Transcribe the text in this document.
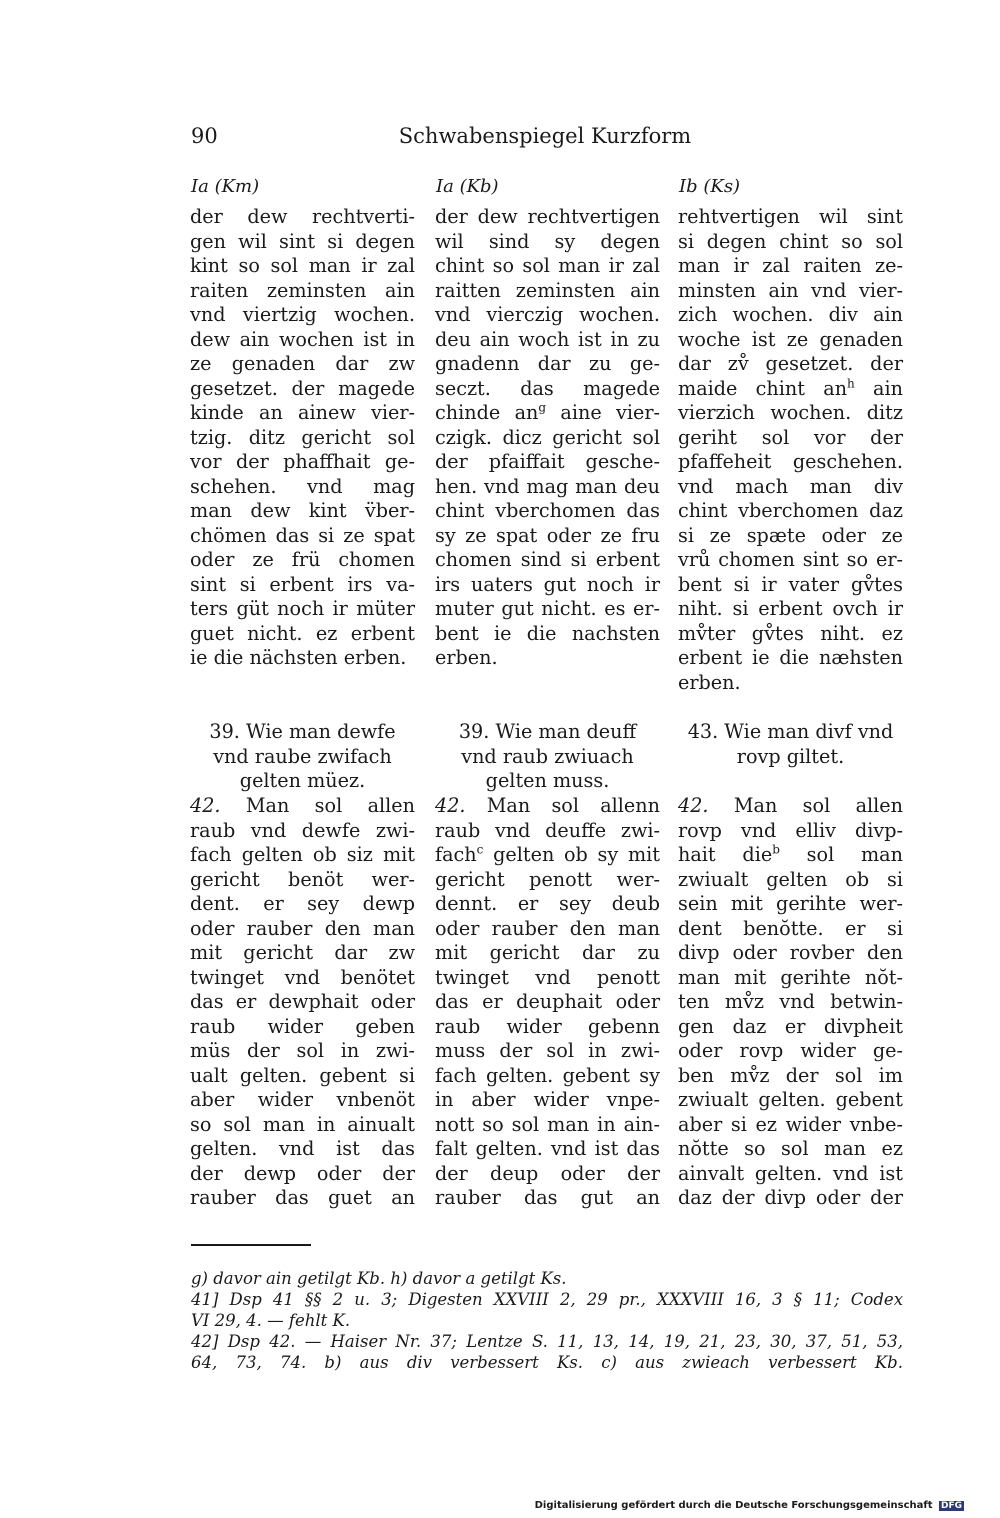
90	Schwabenspiegel Kurzform
Ia (Km)	Ia (Kb)	Ib (Ks)
der dew rechtverti-
gen wil sint si degen
kint so sol man ir zal
raiten zeminsten ain
vnd viertzig wochen.
dew ain wochen ist in
ze genaden dar zw
gesetzet. der magede
kinde an ainew vier-
tzig. ditz gericht sol
vor der phaffhait ge-
schehen. vnd mag
man dew kint v̈ber-
chömen das si ze spat
oder ze frü chomen
sint si erbent irs va-
ters güt noch ir müter
guet nicht. ez erbent
ie die nächsten erben.
der dew rechtvertigen
wil sind sy degen
chint so sol man ir zal
raitten zeminsten ain
vnd vierczig wochen.
deu ain woch ist in zu
gnadenn dar zu ge-
seczt. das magede
chinde $an^g$ aine vier-
czigk. dicz gericht sol
der pfaiffait gesche-
hen. vnd mag man deu
chint vberchomen das
sy ze spat oder ze fru
chomen sind si erbent
irs uaters gut noch ir
muter gut nicht. es er-
bent ie die nachsten
erben.
rehtvertigen wil sint
si degen chint so sol
man ir zal raiten ze-
minsten ain vnd vier-
zich wochen. div ain
woche ist ze genaden
dar zv̊ gesetzet. der
maide chint $an^h$ ain
vierzich wochen. ditz
geriht sol vor der
pfaffeheit geschehen.
vnd mach man div
chint vberchomen daz
si ze spæte oder ze
vrů chomen sint so er-
bent si ir vater gv̊tes
niht. si erbent ovch ir
mv̊ter gv̊tes niht. ez
erbent ie die næhsten
erben.
39. Wie man dewfe
vnd raube zwifach
gelten müez.
39. Wie man deuff
vnd raub zwiuach
gelten muss.
43. Wie man divf vnd
rovp giltet.
42. Man sol allen
raub vnd dewfe zwi-
fach gelten ob siz mit
gericht benöt wer-
dent. er sey dewp
oder rauber den man
mit gericht dar zw
twinget vnd benötet
das er dewphait oder
raub wider geben
müs der sol in zwi-
ualt gelten. gebent si
aber wider vnbenöt
so sol man in ainualt
gelten. vnd ist das
der dewp oder der
rauber das guet an
42. Man sol allenn
raub vnd deuffe zwi-
fach$^c$ gelten ob sy mit
gericht penott wer-
dennt. er sey deub
oder rauber den man
mit gericht dar zu
twinget vnd penott
das er deuphait oder
raub wider gebenn
muss der sol in zwi-
fach gelten. gebent sy
in aber wider vnpe-
nott so sol man in ain-
falt gelten. vnd ist das
der deup oder der
rauber das gut an
42. Man sol allen
rovp vnd elliv divp-
hait die$^b$ sol man
zwiualt gelten ob si
sein mit gerihte wer-
dent benŏtte. er si
divp oder rovber den
man mit gerihte nŏt-
ten mv̊z vnd betwin-
gen daz er divpheit
oder rovp wider ge-
ben mv̊z der sol im
zwiualt gelten. gebent
aber si ez wider vnbe-
nŏtte so sol man ez
ainvalt gelten. vnd ist
daz der divp oder der
g) davor ain getilgt Kb. h) davor a getilgt Ks.
41] Dsp 41 §§ 2 u. 3; Digesten XXVIII 2, 29 pr., XXXVIII 16, 3 § 11; Codex
VI 29, 4. — fehlt K.
42] Dsp 42. — Haiser Nr. 37; Lentze S. 11, 13, 14, 19, 21, 23, 30, 37, 51, 53,
64, 73, 74. b) aus div verbessert Ks. c) aus zwieach verbessert Kb.
Digitalisierung gefördert durch die Deutsche Forschungsgemeinschaft DFG
